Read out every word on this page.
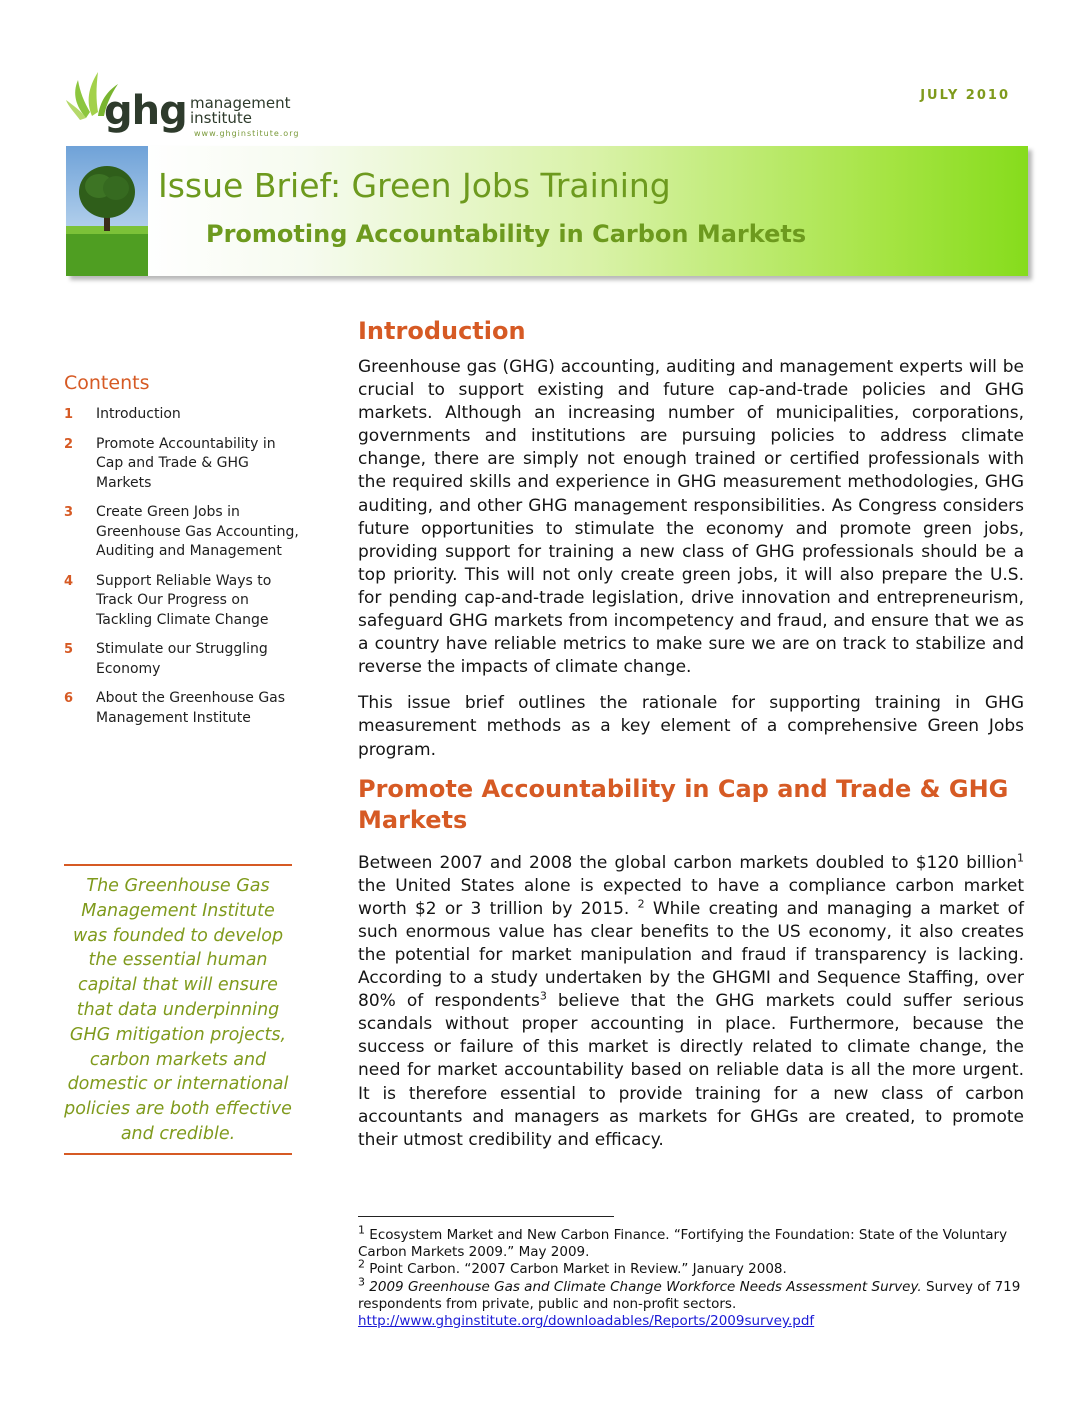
ghg management
institute
www.ghginstitute.org
JULY 2010
Issue Brief: Green Jobs Training
Promoting Accountability in Carbon Markets
Contents
1	Introduction
2	Promote Accountability in Cap and Trade & GHG Markets
3	Create Green Jobs in Greenhouse Gas Accounting, Auditing and Management
4	Support Reliable Ways to Track Our Progress on Tackling Climate Change
5	Stimulate our Struggling Economy
6	About the Greenhouse Gas Management Institute
The Greenhouse Gas Management Institute was founded to develop the essential human capital that will ensure that data underpinning GHG mitigation projects, carbon markets and domestic or international policies are both effective and credible.
Introduction

Greenhouse gas (GHG) accounting, auditing and management experts will be crucial to support existing and future cap-and-trade policies and GHG markets. Although an increasing number of municipalities, corporations, governments and institutions are pursuing policies to address climate change, there are simply not enough trained or certified professionals with the required skills and experience in GHG measurement methodologies, GHG auditing, and other GHG management responsibilities. As Congress considers future opportunities to stimulate the economy and promote green jobs, providing support for training a new class of GHG professionals should be a top priority. This will not only create green jobs, it will also prepare the U.S. for pending cap-and-trade legislation, drive innovation and entrepreneurism, safeguard GHG markets from incompetency and fraud, and ensure that we as a country have reliable metrics to make sure we are on track to stabilize and reverse the impacts of climate change.

This issue brief outlines the rationale for supporting training in GHG measurement methods as a key element of a comprehensive Green Jobs program.

Promote Accountability in Cap and Trade & GHG Markets

Between 2007 and 2008 the global carbon markets doubled to $120 billion$^1$ the United States alone is expected to have a compliance carbon market worth $2 or 3 trillion by 2015. $^2$ While creating and managing a market of such enormous value has clear benefits to the US economy, it also creates the potential for market manipulation and fraud if transparency is lacking. According to a study undertaken by the GHGMI and Sequence Staffing, over 80% of respondents$^3$ believe that the GHG markets could suffer serious scandals without proper accounting in place. Furthermore, because the success or failure of this market is directly related to climate change, the need for market accountability based on reliable data is all the more urgent. It is therefore essential to provide training for a new class of carbon accountants and managers as markets for GHGs are created, to promote their utmost credibility and efficacy.

$^1$ Ecosystem Market and New Carbon Finance. “Fortifying the Foundation: State of the Voluntary Carbon Markets 2009.” May 2009.
$^2$ Point Carbon. “2007 Carbon Market in Review.” January 2008.
$^3$ 2009 Greenhouse Gas and Climate Change Workforce Needs Assessment Survey. Survey of 719 respondents from private, public and non-profit sectors.
http://www.ghginstitute.org/downloadables/Reports/2009survey.pdf
